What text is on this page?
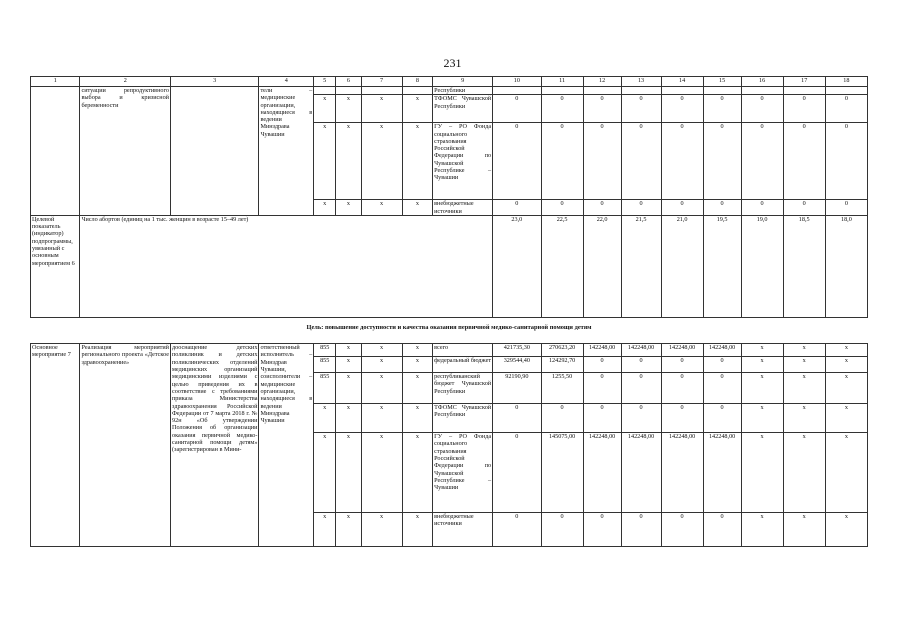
231
1	2	3	4	5	6	7	8	9	10	11	12	13	14	15	16	17	18
	ситуации репродуктивного выбора и кризисной беременности		тели – медицинские организации, находящиеся в ведении Минздрава Чувашии					Республики									
				x	x	x	x	ТФОМС Чувашской Республики	0	0	0	0	0	0	0	0	0
				x	x	x	x	ГУ – РО Фонда социального страхования Российской Федерации по Чувашской Республике – Чувашии	0	0	0	0	0	0	0	0	0
				x	x	x	x	внебюджетные источники	0	0	0	0	0	0	0	0	0
Целевой показатель (индикатор) подпрограммы, увязанный с основным мероприятием 6	Число абортов (единиц на 1 тыс. женщин в возрасте 15–49 лет)								23,0	22,5	22,0	21,5	21,0	19,5	19,0	18,5	18,0
Цель: повышение доступности и качества оказания первичной медико-санитарной помощи детям																	
Основное мероприятие 7	Реализация мероприятий регионального проекта «Детское здравоохранение»	дооснащение детских поликлиник и детских поликлинических отделений медицинских организаций медицинскими изделиями с целью приведения их в соответствие с требованиями приказа Министерства здравоохранения Российской Федерации от 7 марта 2018 г. № 92н «Об утверждении Положения об организации оказания первичной медико-санитарной помощи детям» (зарегистрирован в Мини-	ответственный исполнитель – Минздрав Чувашии, соисполнители – медицинские организации, находящиеся в ведении Минздрава Чувашии	855	x	x	x	всего	421735,30	270623,20	142248,00	142248,00	142248,00	142248,00	x	x	x
				855	x	x	x	федеральный бюджет	329544,40	124292,70	0	0	0	0	x	x	x
				855	x	x	x	республиканский бюджет Чувашской Республики	92190,90	1255,50	0	0	0	0	x	x	x
				x	x	x	x	ТФОМС Чувашской Республики	0	0	0	0	0	0	x	x	x
				x	x	x	x	ГУ – РО Фонда социального страхования Российской Федерации по Чувашской Республике – Чувашии	0	145075,00	142248,00	142248,00	142248,00	142248,00	x	x	x
				x	x	x	x	внебюджетные источники	0	0	0	0	0	0	x	x	x
